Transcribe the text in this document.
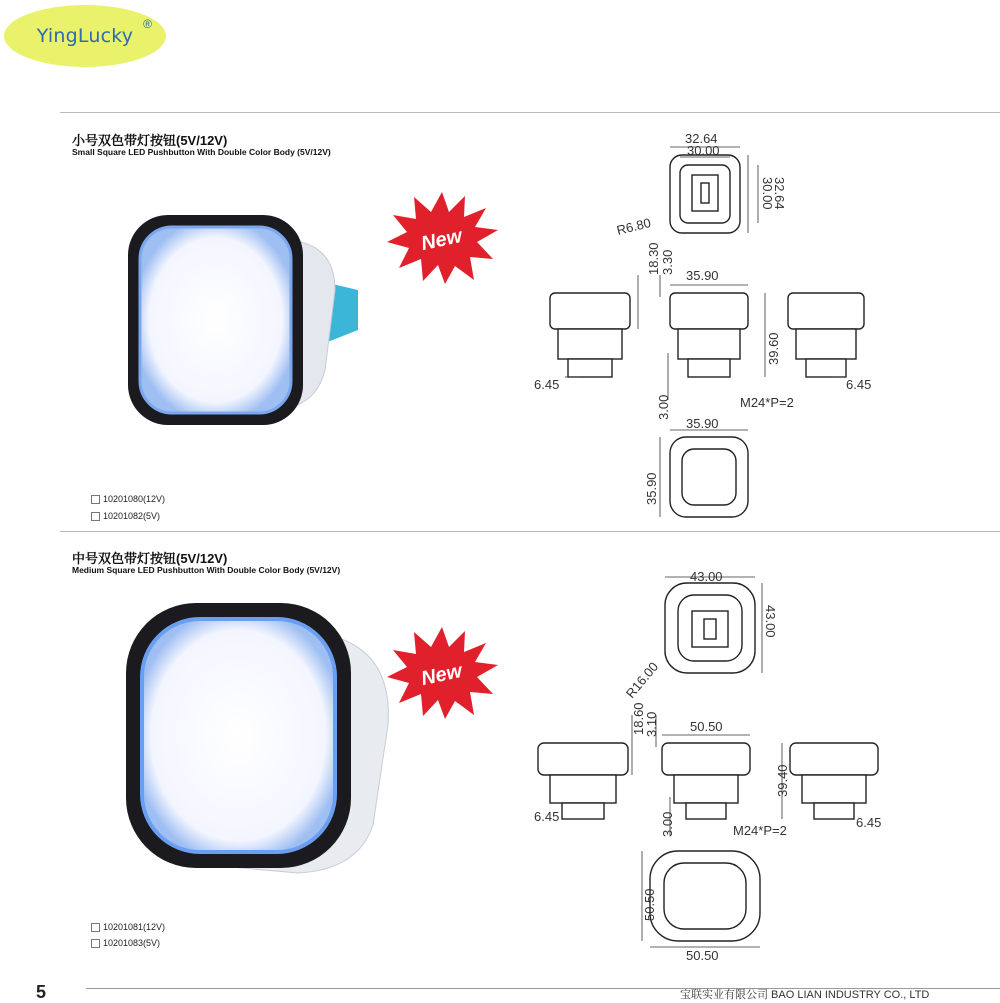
YingLucky
®
小号双色带灯按钮(5V/12V)
Small Square LED Pushbutton With Double Color Body (5V/12V)
中号双色带灯按钮(5V/12V)
Medium Square LED Pushbutton With Double Color Body (5V/12V)
New
New
10201080(12V)
10201082(5V)
10201081(12V)
10201083(5V)
32.64
30.00
30.00
32.64
R6.80
18.30 3.30
35.90
39.60
6.45	6.45
3.00	M24*P=2
35.90
35.90
43.00
43.00
R16.00
18.60
3.10 50.50
39.40
6.45	6.45
3.00	M24*P=2
50.50
50.50
5	宝联实业有限公司 BAO LIAN INDUSTRY CO., LTD
